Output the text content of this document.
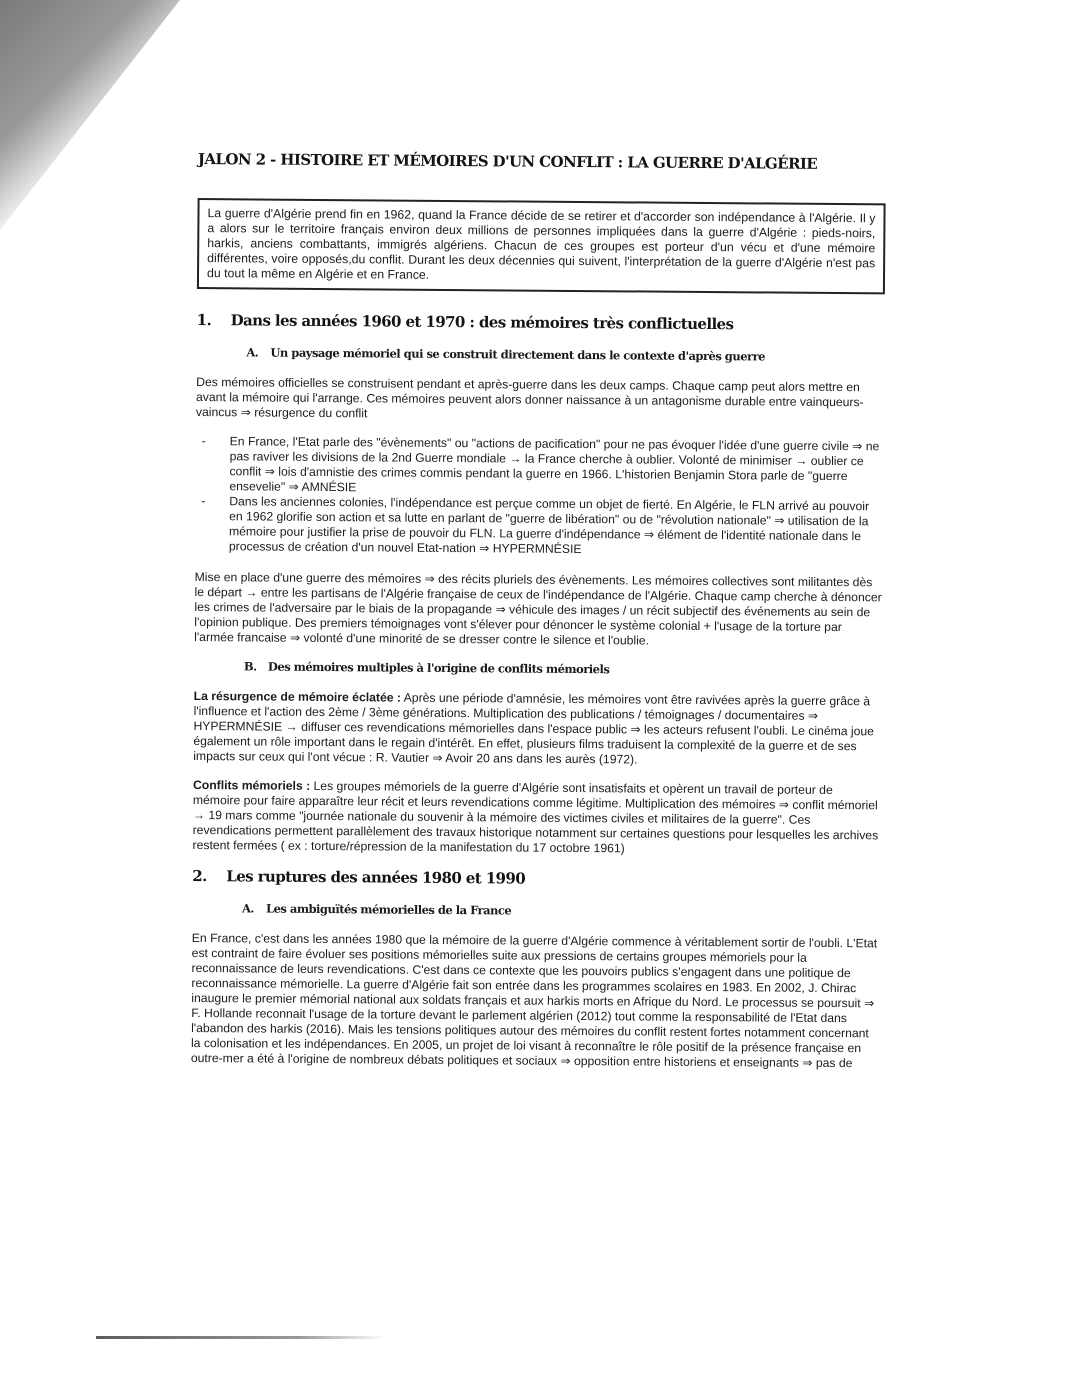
JALON 2 - HISTOIRE ET MÉMOIRES D'UN CONFLIT : LA GUERRE D'ALGÉRIE
La guerre d'Algérie prend fin en 1962, quand la France décide de se retirer et d'accorder son indépendance à l'Algérie. Il y a alors sur le territoire français environ deux millions de personnes impliquées dans la guerre d'Algérie : pieds-noirs, harkis, anciens combattants, immigrés algériens. Chacun de ces groupes est porteur d'un vécu et d'une mémoire différentes, voire opposés,du conflit. Durant les deux décennies qui suivent, l'interprétation de la guerre d'Algérie n'est pas du tout la même en Algérie et en France.
1. Dans les années 1960 et 1970 : des mémoires très conflictuelles
A. Un paysage mémoriel qui se construit directement dans le contexte d'après guerre

Des mémoires officielles se construisent pendant et après-guerre dans les deux camps. Chaque camp peut alors mettre en avant la mémoire qui l'arrange. Ces mémoires peuvent alors donner naissance à un antagonisme durable entre vainqueurs-vaincus ⇒ résurgence du conflit

- En France, l'Etat parle des "évènements" ou "actions de pacification" pour ne pas évoquer l'idée d'une guerre civile ⇒ ne pas raviver les divisions de la 2nd Guerre mondiale → la France cherche à oublier. Volonté de minimiser → oublier ce conflit ⇒ lois d'amnistie des crimes commis pendant la guerre en 1966. L'historien Benjamin Stora parle de "guerre ensevelie" ⇒ AMNÉSIE
- Dans les anciennes colonies, l'indépendance est perçue comme un objet de fierté. En Algérie, le FLN arrivé au pouvoir en 1962 glorifie son action et sa lutte en parlant de "guerre de libération" ou de "révolution nationale" ⇒ utilisation de la mémoire pour justifier la prise de pouvoir du FLN. La guerre d'indépendance ⇒ élément de l'identité nationale dans le processus de création d'un nouvel Etat-nation ⇒ HYPERMNÉSIE

Mise en place d'une guerre des mémoires ⇒ des récits pluriels des évènements. Les mémoires collectives sont militantes dès le départ → entre les partisans de l'Algérie française de ceux de l'indépendance de l'Algérie. Chaque camp cherche à dénoncer les crimes de l'adversaire par le biais de la propagande ⇒ véhicule des images / un récit subjectif des événements au sein de l'opinion publique. Des premiers témoignages vont s'élever pour dénoncer le système colonial + l'usage de la torture par l'armée francaise ⇒ volonté d'une minorité de se dresser contre le silence et l'oublie.

B. Des mémoires multiples à l'origine de conflits mémoriels

La résurgence de mémoire éclatée : Après une période d'amnésie, les mémoires vont être ravivées après la guerre grâce à l'influence et l'action des 2ème / 3ème générations. Multiplication des publications / témoignages / documentaires ⇒ HYPERMNÉSIE → diffuser ces revendications mémorielles dans l'espace public ⇒ les acteurs refusent l'oubli. Le cinéma joue également un rôle important dans le regain d'intérêt. En effet, plusieurs films traduisent la complexité de la guerre et de ses impacts sur ceux qui l'ont vécue : R. Vautier ⇒ Avoir 20 ans dans les aurès (1972).

Conflits mémoriels : Les groupes mémoriels de la guerre d'Algérie sont insatisfaits et opèrent un travail de porteur de mémoire pour faire apparaître leur récit et leurs revendications comme légitime. Multiplication des mémoires ⇒ conflit mémoriel → 19 mars comme "journée nationale du souvenir à la mémoire des victimes civiles et militaires de la guerre". Ces revendications permettent parallèlement des travaux historique notamment sur certaines questions pour lesquelles les archives restent fermées ( ex : torture/répression de la manifestation du 17 octobre 1961)

2. Les ruptures des années 1980 et 1990
A. Les ambiguïtés mémorielles de la France

En France, c'est dans les années 1980 que la mémoire de la guerre d'Algérie commence à véritablement sortir de l'oubli. L'Etat est contraint de faire évoluer ses positions mémorielles suite aux pressions de certains groupes mémoriels pour la reconnaissance de leurs revendications. C'est dans ce contexte que les pouvoirs publics s'engagent dans une politique de reconnaissance mémorielle. La guerre d'Algérie fait son entrée dans les programmes scolaires en 1983. En 2002, J. Chirac inaugure le premier mémorial national aux soldats français et aux harkis morts en Afrique du Nord. Le processus se poursuit ⇒ F. Hollande reconnait l'usage de la torture devant le parlement algérien (2012) tout comme la responsabilité de l'Etat dans l'abandon des harkis (2016). Mais les tensions politiques autour des mémoires du conflit restent fortes notamment concernant la colonisation et les indépendances. En 2005, un projet de loi visant à reconnaître le rôle positif de la présence française en outre-mer a été à l'origine de nombreux débats politiques et sociaux ⇒ opposition entre historiens et enseignants ⇒ pas de
